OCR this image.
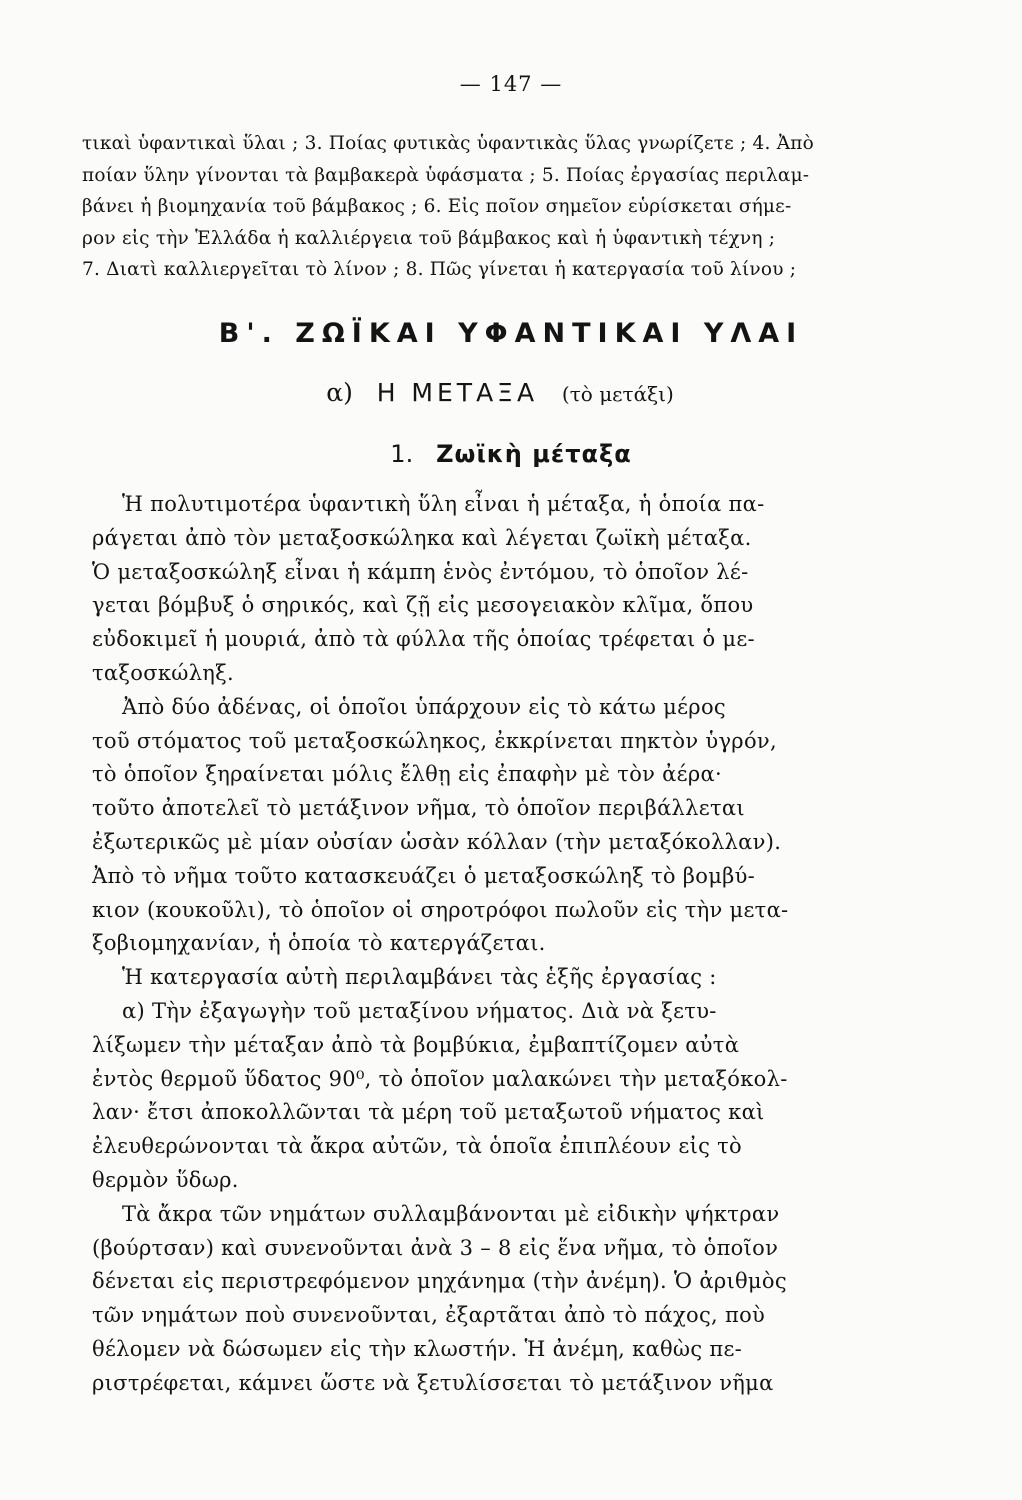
— 147 —
τικαὶ ὑφαντικαὶ ὕλαι ; 3. Ποίας φυτικὰς ὑφαντικὰς ὕλας γνωρίζετε ; 4. Ἀπὸ
ποίαν ὕλην γίνονται τὰ βαμβακερὰ ὑφάσματα ; 5. Ποίας ἐργασίας περιλαμ-
βάνει ἡ βιομηχανία τοῦ βάμβακος ; 6. Εἰς ποῖον σημεῖον εὑρίσκεται σήμε-
ρον εἰς τὴν Ἑλλάδα ἡ καλλιέργεια τοῦ βάμβακος καὶ ἡ ὑφαντικὴ τέχνη ;
7. Διατὶ καλλιεργεῖται τὸ λίνον ; 8. Πῶς γίνεται ἡ κατεργασία τοῦ λίνου ;
Β'. ΖΩΪΚΑΙ ΥΦΑΝΤΙΚΑΙ ΥΛΑΙ
α) Η ΜΕΤΑΞΑ (τὸ μετάξι)
1. Ζωϊκὴ μέταξα
Ἡ πολυτιμοτέρα ὑφαντικὴ ὕλη εἶναι ἡ μέταξα, ἡ ὁποία πα-
ράγεται ἀπὸ τὸν μεταξοσκώληκα καὶ λέγεται ζωϊκὴ μέταξα.
Ὁ μεταξοσκώληξ εἶναι ἡ κάμπη ἑνὸς ἐντόμου, τὸ ὁποῖον λέ-
γεται βόμβυξ ὁ σηρικός, καὶ ζῇ εἰς μεσογειακὸν κλῖμα, ὅπου
εὐδοκιμεῖ ἡ μουριά, ἀπὸ τὰ φύλλα τῆς ὁποίας τρέφεται ὁ με-
ταξοσκώληξ.
Ἀπὸ δύο ἀδένας, οἱ ὁποῖοι ὑπάρχουν εἰς τὸ κάτω μέρος
τοῦ στόματος τοῦ μεταξοσκώληκος, ἐκκρίνεται πηκτὸν ὑγρόν,
τὸ ὁποῖον ξηραίνεται μόλις ἔλθῃ εἰς ἐπαφὴν μὲ τὸν ἀέρα·
τοῦτο ἀποτελεῖ τὸ μετάξινον νῆμα, τὸ ὁποῖον περιβάλλεται
ἐξωτερικῶς μὲ μίαν οὐσίαν ὡσὰν κόλλαν (τὴν μεταξόκολλαν).
Ἀπὸ τὸ νῆμα τοῦτο κατασκευάζει ὁ μεταξοσκώληξ τὸ βομβύ-
κιον (κουκοῦλι), τὸ ὁποῖον οἱ σηροτρόφοι πωλοῦν εἰς τὴν μετα-
ξοβιομηχανίαν, ἡ ὁποία τὸ κατεργάζεται.
Ἡ κατεργασία αὐτὴ περιλαμβάνει τὰς ἑξῆς ἐργασίας :
α) Τὴν ἐξαγωγὴν τοῦ μεταξίνου νήματος. Διὰ νὰ ξετυ-
λίξωμεν τὴν μέταξαν ἀπὸ τὰ βομβύκια, ἐμβαπτίζομεν αὐτὰ
ἐντὸς θερμοῦ ὕδατος 90⁰, τὸ ὁποῖον μαλακώνει τὴν μεταξόκολ-
λαν· ἔτσι ἀποκολλῶνται τὰ μέρη τοῦ μεταξωτοῦ νήματος καὶ
ἐλευθερώνονται τὰ ἄκρα αὐτῶν, τὰ ὁποῖα ἐπιπλέουν εἰς τὸ
θερμὸν ὕδωρ.
Τὰ ἄκρα τῶν νημάτων συλλαμβάνονται μὲ εἰδικὴν ψήκτραν
(βούρτσαν) καὶ συνενοῦνται ἀνὰ 3 – 8 εἰς ἕνα νῆμα, τὸ ὁποῖον
δένεται εἰς περιστρεφόμενον μηχάνημα (τὴν ἀνέμη). Ὁ ἀριθμὸς
τῶν νημάτων ποὺ συνενοῦνται, ἐξαρτᾶται ἀπὸ τὸ πάχος, ποὺ
θέλομεν νὰ δώσωμεν εἰς τὴν κλωστήν. Ἡ ἀνέμη, καθὼς πε-
ριστρέφεται, κάμνει ὥστε νὰ ξετυλίσσεται τὸ μετάξινον νῆμα
